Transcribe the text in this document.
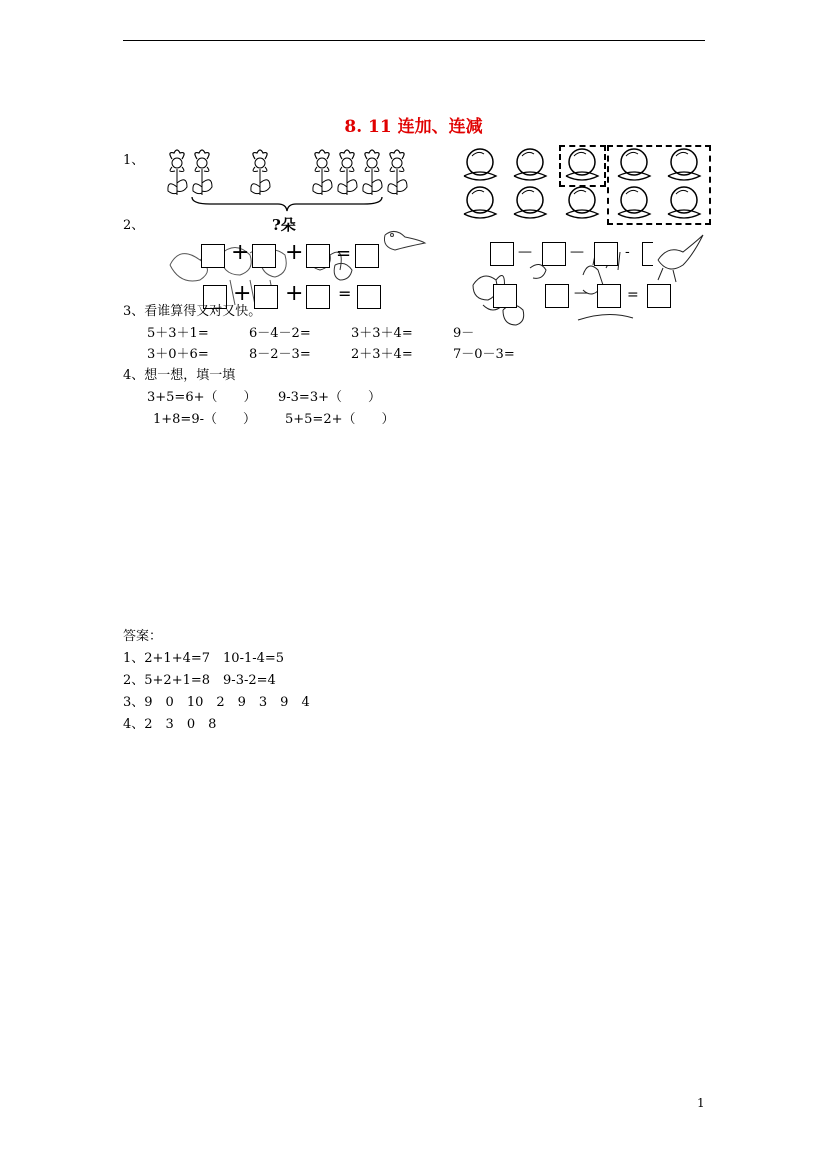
8. 11 连加、连减
1、
?朵
2、
+ + =
+ + =
—	—	-
—	=
3、看谁算得又对又快。
5＋3＋1=	6－4－2=	3＋3＋4=	9－
3＋0＋6=	8－2－3=	2＋3＋4=	7－0－3=
4、想一想，填一填
3+5=6+（　　） 9-3=3+（　　）
1+8=9-（　　） 5+5=2+（　　）
答案：
1、2+1+4=7　10-1-4=5
2、5+2+1=8　9-3-2=4
3、9　0　10　2　9　3　9　4
4、2　3　0　8
1
